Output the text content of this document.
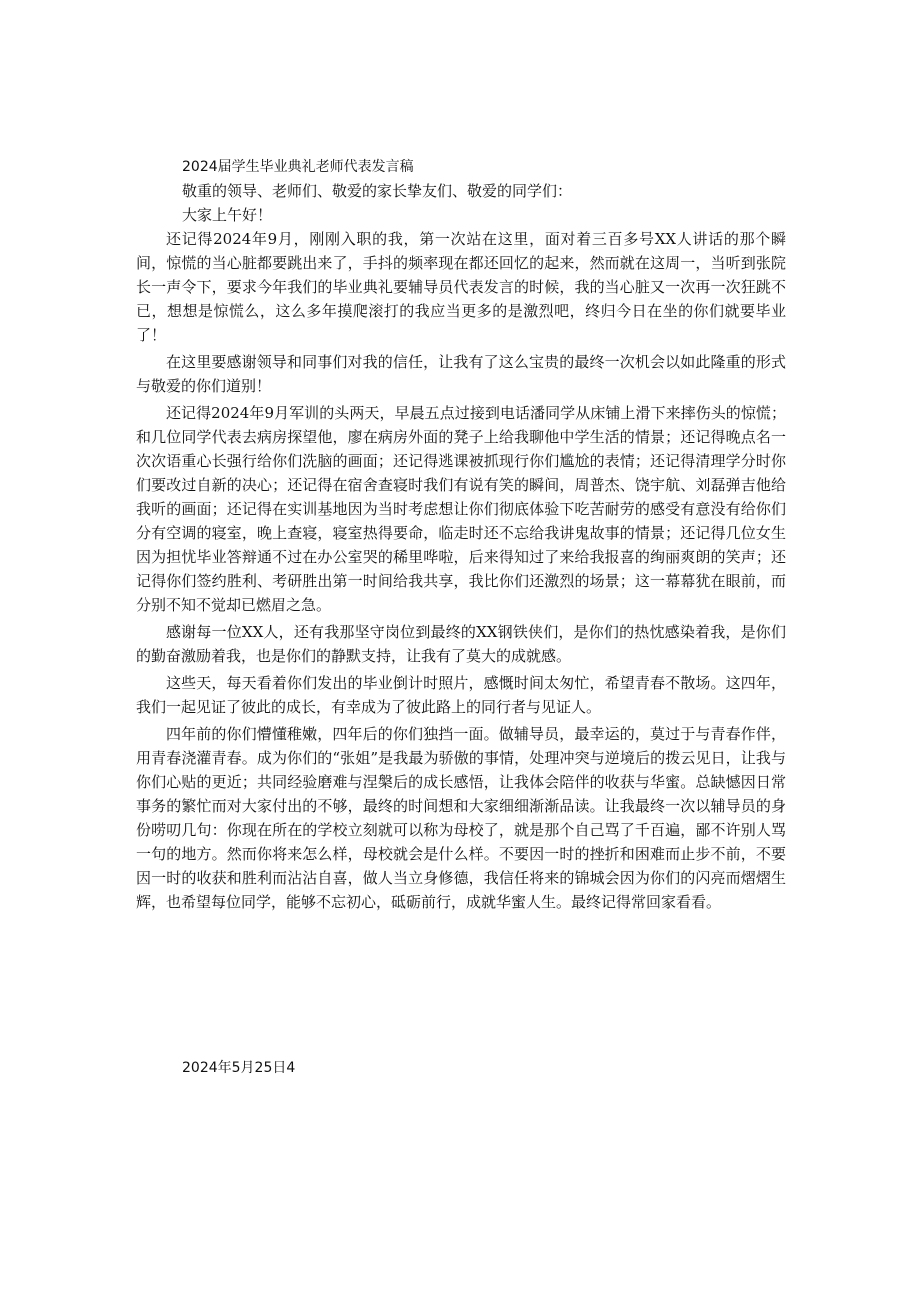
2024届学生毕业典礼老师代表发言稿

敬重的领导、老师们、敬爱的家长挚友们、敬爱的同学们：

大家上午好！

还记得2024年9月，刚刚入职的我，第一次站在这里，面对着三百多号XX人讲话的那个瞬间，惊慌的当心脏都要跳出来了，手抖的频率现在都还回忆的起来，然而就在这周一，当听到张院长一声令下，要求今年我们的毕业典礼要辅导员代表发言的时候，我的当心脏又一次再一次狂跳不已，想想是惊慌么，这么多年摸爬滚打的我应当更多的是激烈吧，终归今日在坐的你们就要毕业了！

在这里要感谢领导和同事们对我的信任，让我有了这么宝贵的最终一次机会以如此隆重的形式与敬爱的你们道别！

还记得2024年9月军训的头两天，早晨五点过接到电话潘同学从床铺上滑下来摔伤头的惊慌；和几位同学代表去病房探望他，廖在病房外面的凳子上给我聊他中学生活的情景；还记得晚点名一次次语重心长强行给你们洗脑的画面；还记得逃课被抓现行你们尴尬的表情；还记得清理学分时你们要改过自新的决心；还记得在宿舍查寝时我们有说有笑的瞬间，周普杰、饶宇航、刘磊弹吉他给我听的画面；还记得在实训基地因为当时考虑想让你们彻底体验下吃苦耐劳的感受有意没有给你们分有空调的寝室，晚上查寝，寝室热得要命，临走时还不忘给我讲鬼故事的情景；还记得几位女生因为担忧毕业答辩通不过在办公室哭的稀里哗啦，后来得知过了来给我报喜的绚丽爽朗的笑声；还记得你们签约胜利、考研胜出第一时间给我共享，我比你们还激烈的场景；这一幕幕犹在眼前，而分别不知不觉却已燃眉之急。

感谢每一位XX人，还有我那坚守岗位到最终的XX钢铁侠们，是你们的热忱感染着我，是你们的勤奋激励着我，也是你们的静默支持，让我有了莫大的成就感。

这些天，每天看着你们发出的毕业倒计时照片，感慨时间太匆忙，希望青春不散场。这四年，我们一起见证了彼此的成长，有幸成为了彼此路上的同行者与见证人。

四年前的你们懵懂稚嫩，四年后的你们独挡一面。做辅导员，最幸运的，莫过于与青春作伴，用青春浇灌青春。成为你们的“张姐”是我最为骄傲的事情，处理冲突与逆境后的拨云见日，让我与你们心贴的更近；共同经验磨难与涅槃后的成长感悟，让我体会陪伴的收获与华蜜。总缺憾因日常事务的繁忙而对大家付出的不够，最终的时间想和大家细细渐渐品读。让我最终一次以辅导员的身份唠叨几句：你现在所在的学校立刻就可以称为母校了，就是那个自己骂了千百遍，鄙不许别人骂一句的地方。然而你将来怎么样，母校就会是什么样。不要因一时的挫折和困难而止步不前，不要因一时的收获和胜利而沾沾自喜，做人当立身修德，我信任将来的锦城会因为你们的闪亮而熠熠生辉，也希望每位同学，能够不忘初心，砥砺前行，成就华蜜人生。最终记得常回家看看。

2024年5月25日4
